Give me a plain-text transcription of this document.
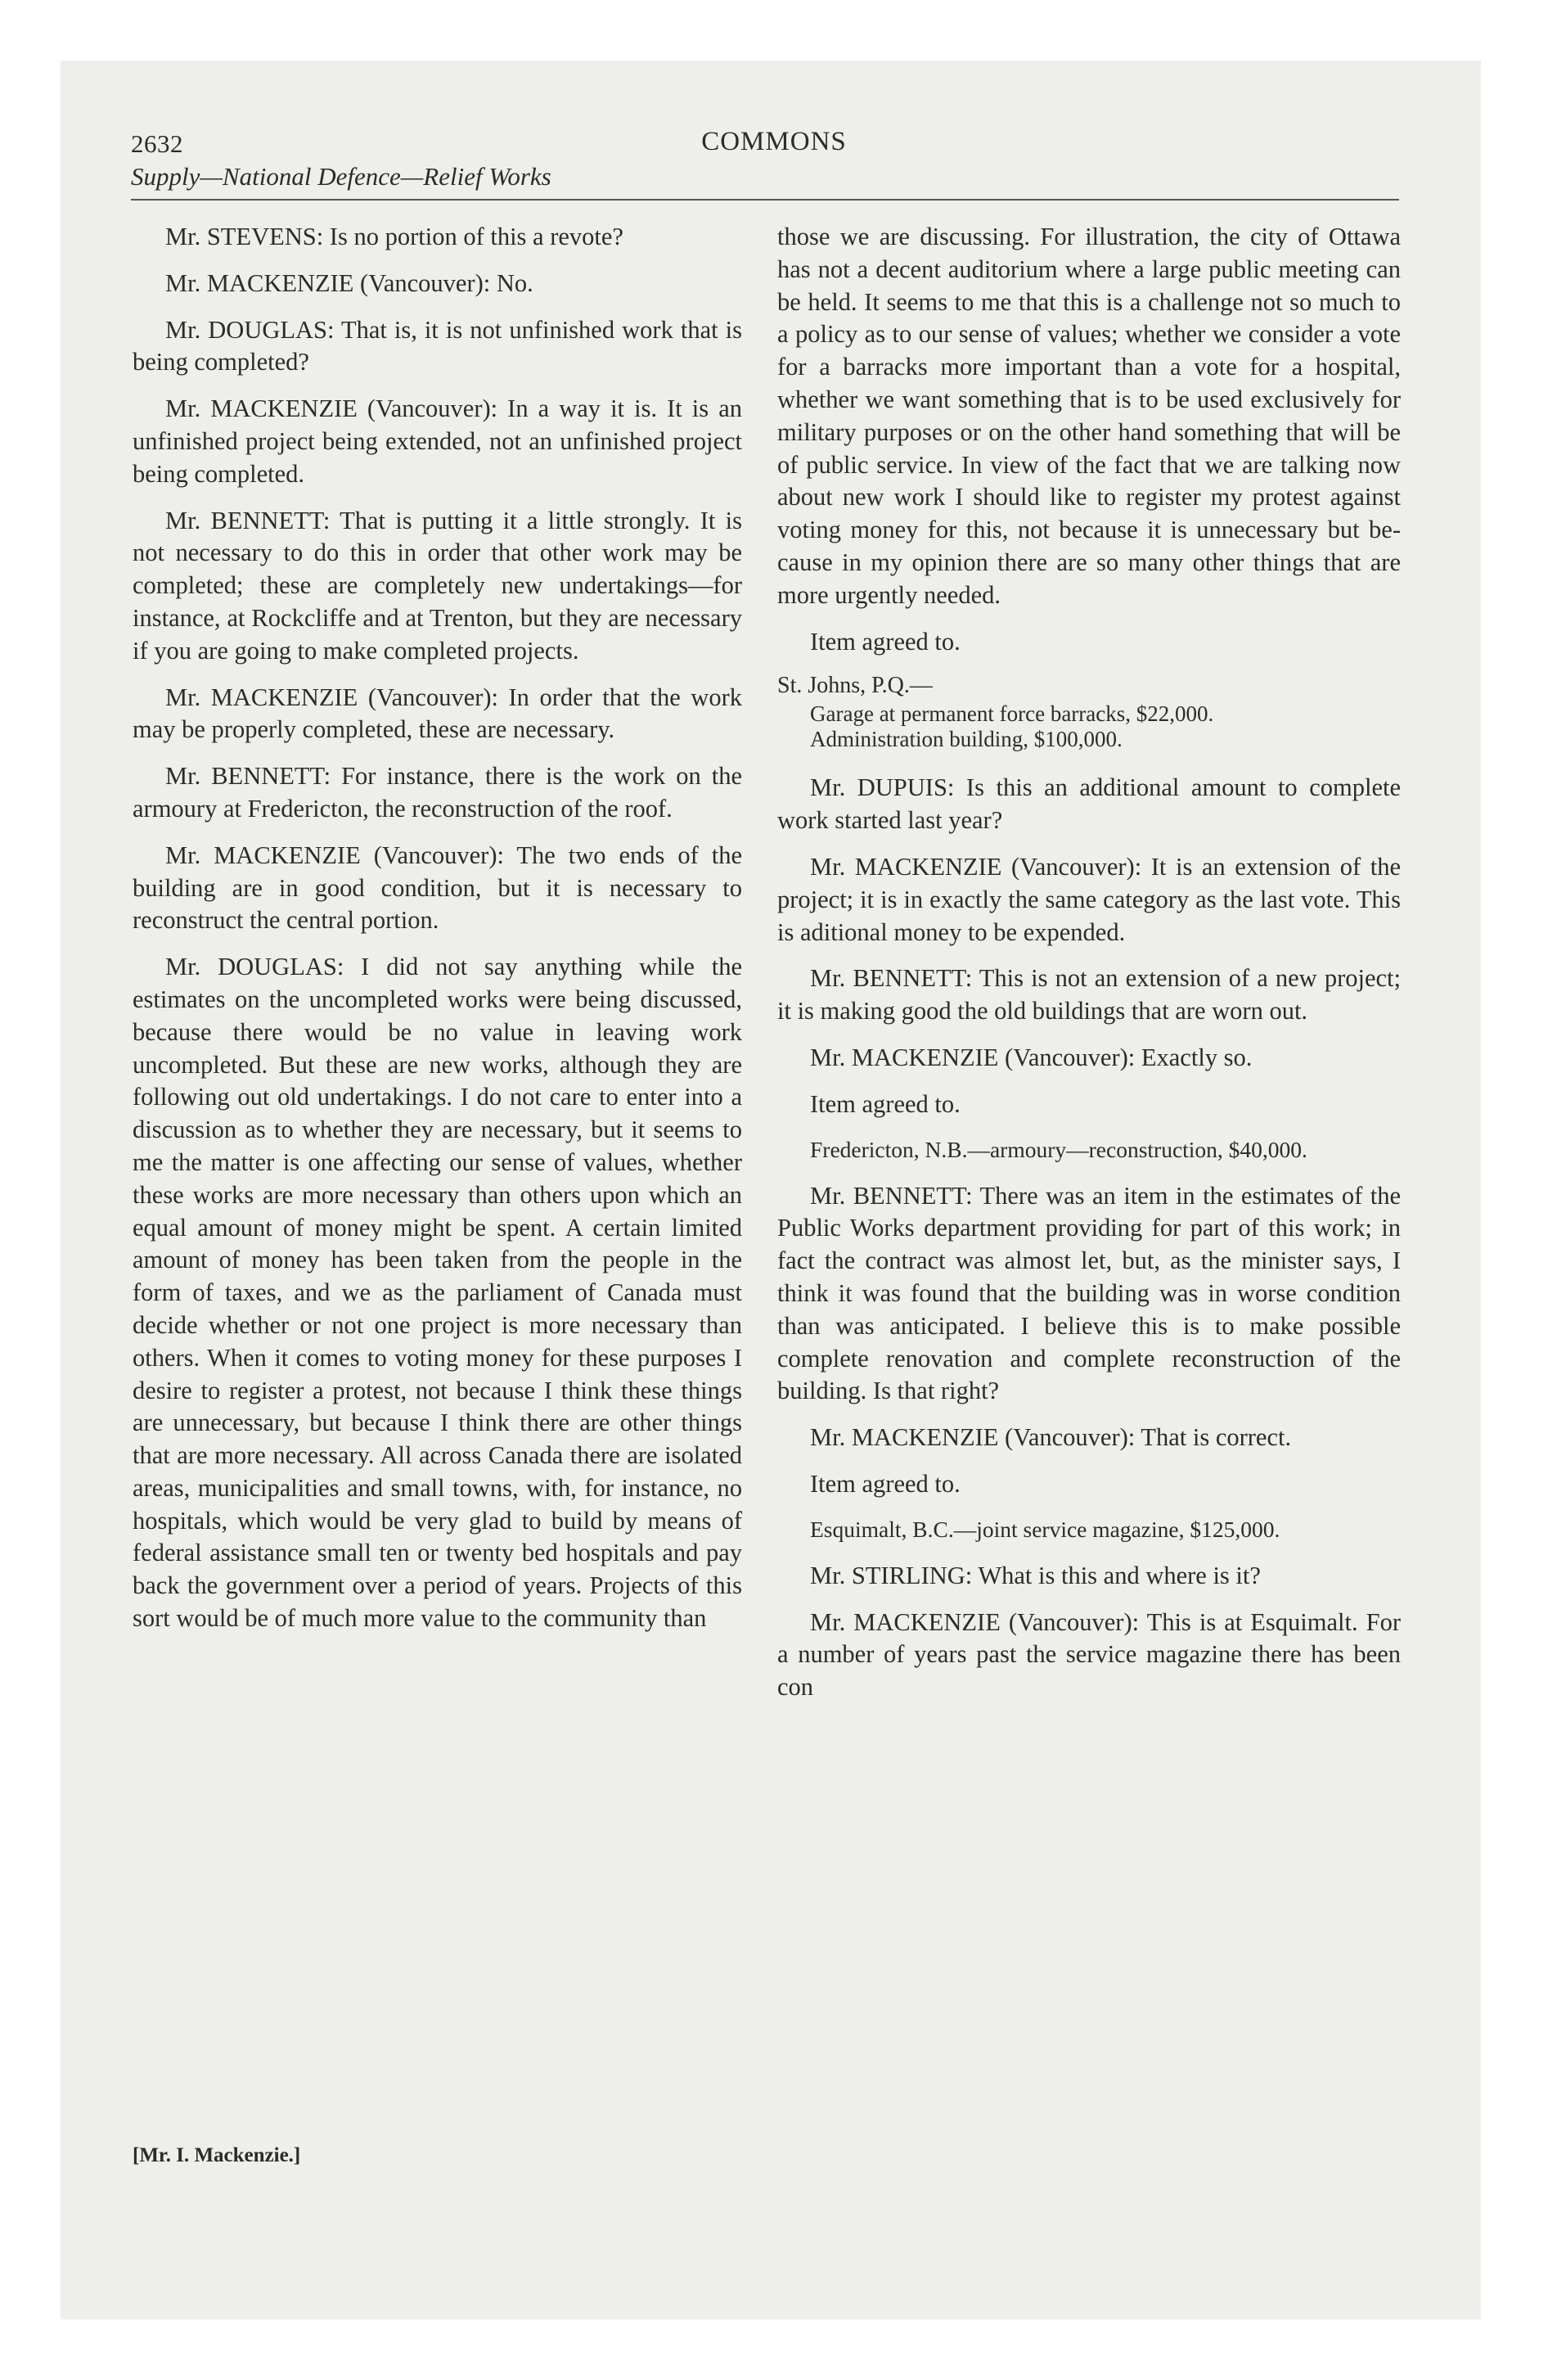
2632	COMMONS
Supply—National Defence—Relief Works

Mr. STEVENS: Is no portion of this a revote?

Mr. MACKENZIE (Vancouver): No.

Mr. DOUGLAS: That is, it is not unfinished work that is being completed?

Mr. MACKENZIE (Vancouver): In a way it is. It is an unfinished project being extended, not an unfinished project being completed.

Mr. BENNETT: That is putting it a little strongly. It is not necessary to do this in order that other work may be completed; these are completely new undertakings—for instance, at Rockcliffe and at Trenton, but they are necessary if you are going to make completed projects.

Mr. MACKENZIE (Vancouver): In order that the work may be properly completed, these are necessary.

Mr. BENNETT: For instance, there is the work on the armoury at Fredericton, the reconstruction of the roof.

Mr. MACKENZIE (Vancouver): The two ends of the building are in good condition, but it is necessary to reconstruct the central portion.

Mr. DOUGLAS: I did not say anything while the estimates on the uncompleted works were being discussed, because there would be no value in leaving work uncompleted. But these are new works, although they are following out old undertakings. I do not care to enter into a discussion as to whether they are necessary, but it seems to me the matter is one affecting our sense of values, whether these works are more necessary than others upon which an equal amount of money might be spent. A certain limited amount of money has been taken from the people in the form of taxes, and we as the parliament of Canada must decide whether or not one project is more necessary than others. When it comes to voting money for these purposes I desire to register a protest, not because I think these things are unnecessary, but because I think there are other things that are more necessary. All across Canada there are isolated areas, municipalities and small towns, with, for instance, no hospitals, which would be very glad to build by means of federal assistance small ten or twenty bed hospitals and pay back the government over a period of years. Projects of this sort would be of much more value to the community than

[Mr. I. Mackenzie.]

those we are discussing. For illustration, the city of Ottawa has not a decent auditorium where a large public meeting can be held. It seems to me that this is a challenge not so much to a policy as to our sense of values; whether we consider a vote for a barracks more important than a vote for a hospital, whether we want something that is to be used exclusively for military purposes or on the other hand something that will be of public service. In view of the fact that we are talking now about new work I should like to register my protest against voting money for this, not because it is unnecessary but because in my opinion there are so many other things that are more urgently needed.

Item agreed to.

St. Johns, P.Q.—

Garage at permanent force barracks, $22,000.

Administration building, $100,000.

Mr. DUPUIS: Is this an additional amount to complete work started last year?

Mr. MACKENZIE (Vancouver): It is an extension of the project; it is in exactly the same category as the last vote. This is aditional money to be expended.

Mr. BENNETT: This is not an extension of a new project; it is making good the old buildings that are worn out.

Mr. MACKENZIE (Vancouver): Exactly so.

Item agreed to.

Fredericton, N.B.—armoury—reconstruction, $40,000.

Mr. BENNETT: There was an item in the estimates of the Public Works department providing for part of this work; in fact the contract was almost let, but, as the minister says, I think it was found that the building was in worse condition than was anticipated. I believe this is to make possible complete renovation and complete reconstruction of the building. Is that right?

Mr. MACKENZIE (Vancouver): That is correct.

Item agreed to.

Esquimalt, B.C.—joint service magazine, $125,000.

Mr. STIRLING: What is this and where is it?

Mr. MACKENZIE (Vancouver): This is at Esquimalt. For a number of years past the service magazine there has been con
